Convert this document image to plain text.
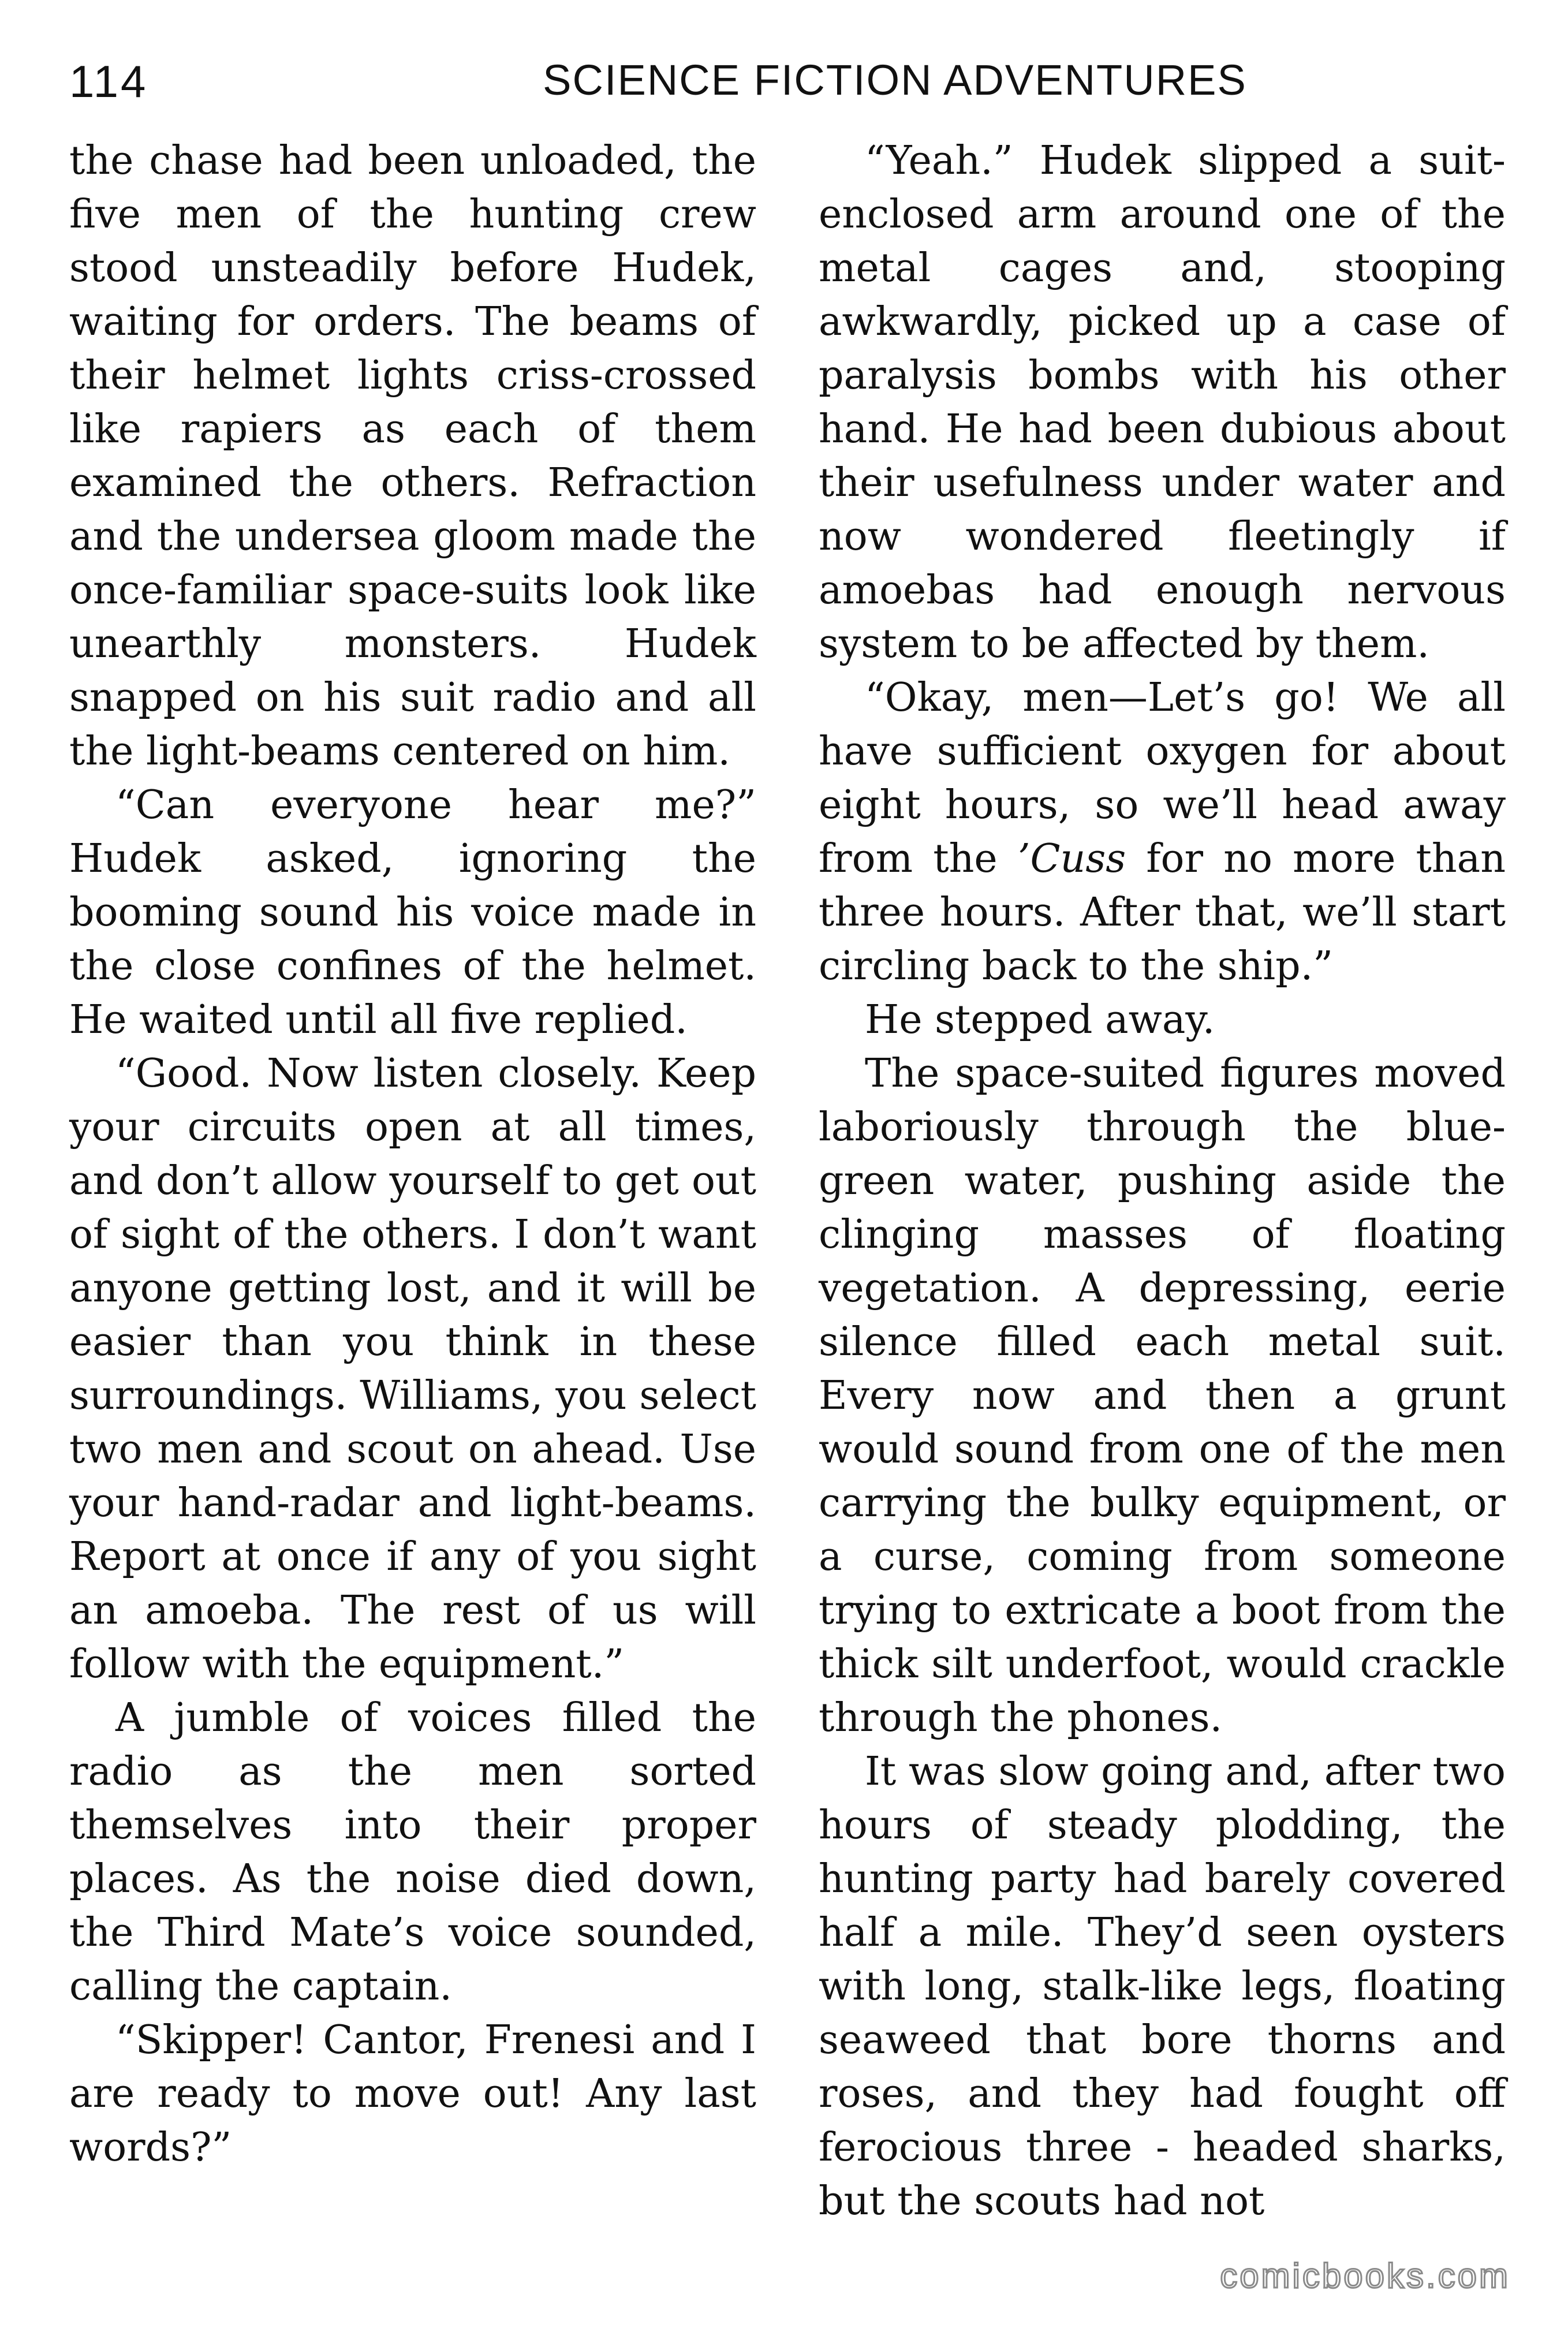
114	SCIENCE FICTION ADVENTURES

the chase had been unloaded, the five men of the hunting crew stood unsteadily before Hudek, waiting for orders. The beams of their helmet lights criss-crossed like rapiers as each of them examined the others. Refraction and the undersea gloom made the once-familiar space-suits look like unearthly monsters. Hudek snapped on his suit radio and all the light-beams centered on him.

“Can everyone hear me?” Hudek asked, ignoring the booming sound his voice made in the close confines of the helmet. He waited until all five replied.

“Good. Now listen closely. Keep your circuits open at all times, and don’t allow yourself to get out of sight of the others. I don’t want anyone getting lost, and it will be easier than you think in these surroundings. Williams, you select two men and scout on ahead. Use your hand-radar and light-beams. Report at once if any of you sight an amoeba. The rest of us will follow with the equipment.”

A jumble of voices filled the radio as the men sorted themselves into their proper places. As the noise died down, the Third Mate’s voice sounded, calling the captain.

“Skipper! Cantor, Frenesi and I are ready to move out! Any last words?”

“Yeah.” Hudek slipped a suit-enclosed arm around one of the metal cages and, stooping awkwardly, picked up a case of paralysis bombs with his other hand. He had been dubious about their usefulness under water and now wondered fleetingly if amoebas had enough nervous system to be affected by them.

“Okay, men—Let’s go! We all have sufficient oxygen for about eight hours, so we’ll head away from the ’Cuss for no more than three hours. After that, we’ll start circling back to the ship.”

He stepped away.

The space-suited figures moved laboriously through the blue-green water, pushing aside the clinging masses of floating vegetation. A depressing, eerie silence filled each metal suit. Every now and then a grunt would sound from one of the men carrying the bulky equipment, or a curse, coming from someone trying to extricate a boot from the thick silt underfoot, would crackle through the phones.

It was slow going and, after two hours of steady plodding, the hunting party had barely covered half a mile. They’d seen oysters with long, stalk-like legs, floating seaweed that bore thorns and roses, and they had fought off ferocious three - headed sharks, but the scouts had not

comicbooks.com
